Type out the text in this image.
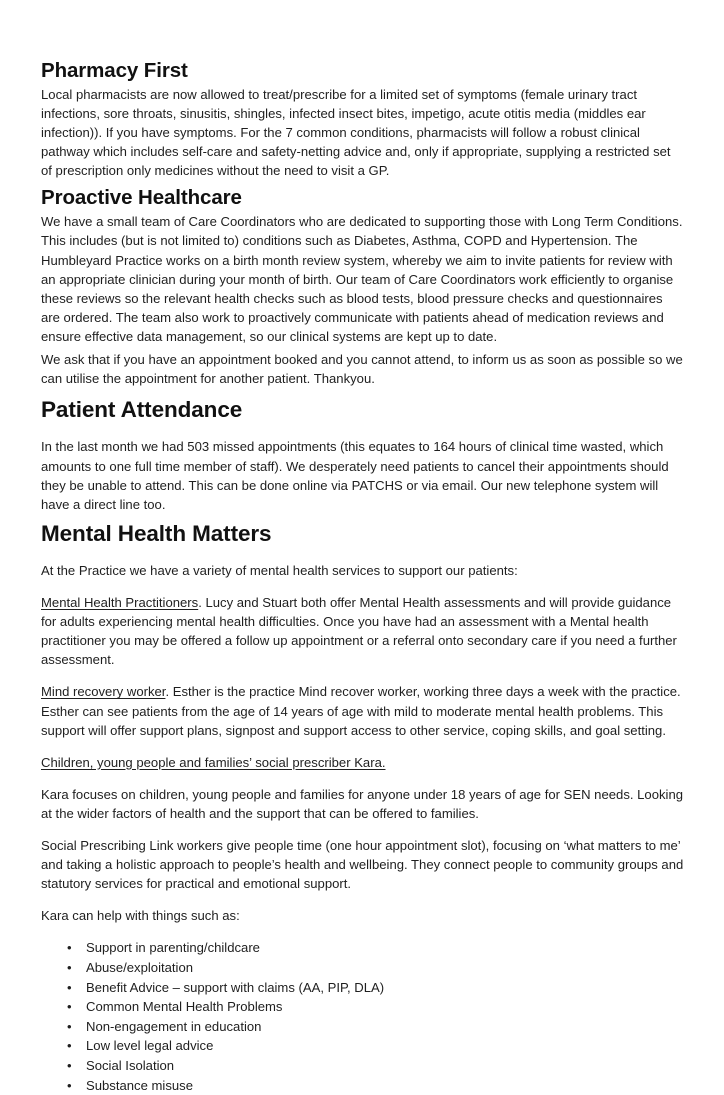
Pharmacy First

Local pharmacists are now allowed to treat/prescribe for a limited set of symptoms (female urinary tract infections, sore throats, sinusitis, shingles, infected insect bites, impetigo, acute otitis media (middles ear infection)). If you have symptoms. For the 7 common conditions, pharmacists will follow a robust clinical pathway which includes self-care and safety-netting advice and, only if appropriate, supplying a restricted set of prescription only medicines without the need to visit a GP.

Proactive Healthcare

We have a small team of Care Coordinators who are dedicated to supporting those with Long Term Conditions. This includes (but is not limited to) conditions such as Diabetes, Asthma, COPD and Hypertension. The Humbleyard Practice works on a birth month review system, whereby we aim to invite patients for review with an appropriate clinician during your month of birth. Our team of Care Coordinators work efficiently to organise these reviews so the relevant health checks such as blood tests, blood pressure checks and questionnaires are ordered. The team also work to proactively communicate with patients ahead of medication reviews and ensure effective data management, so our clinical systems are kept up to date.

We ask that if you have an appointment booked and you cannot attend, to inform us as soon as possible so we can utilise the appointment for another patient. Thankyou.

Patient Attendance

In the last month we had 503 missed appointments (this equates to 164 hours of clinical time wasted, which amounts to one full time member of staff). We desperately need patients to cancel their appointments should they be unable to attend. This can be done online via PATCHS or via email. Our new telephone system will have a direct line too.

Mental Health Matters

At the Practice we have a variety of mental health services to support our patients:

Mental Health Practitioners. Lucy and Stuart both offer Mental Health assessments and will provide guidance for adults experiencing mental health difficulties. Once you have had an assessment with a Mental health practitioner you may be offered a follow up appointment or a referral onto secondary care if you need a further assessment.

Mind recovery worker. Esther is the practice Mind recover worker, working three days a week with the practice. Esther can see patients from the age of 14 years of age with mild to moderate mental health problems. This support will offer support plans, signpost and support access to other service, coping skills, and goal setting.

Children, young people and families’ social prescriber Kara.

Kara focuses on children, young people and families for anyone under 18 years of age for SEN needs. Looking at the wider factors of health and the support that can be offered to families.

Social Prescribing Link workers give people time (one hour appointment slot), focusing on ‘what matters to me’ and taking a holistic approach to people’s health and wellbeing. They connect people to community groups and statutory services for practical and emotional support.

Kara can help with things such as:

• Support in parenting/childcare
• Abuse/exploitation
• Benefit Advice – support with claims (AA, PIP, DLA)
• Common Mental Health Problems
• Non-engagement in education
• Low level legal advice
• Social Isolation
• Substance misuse
